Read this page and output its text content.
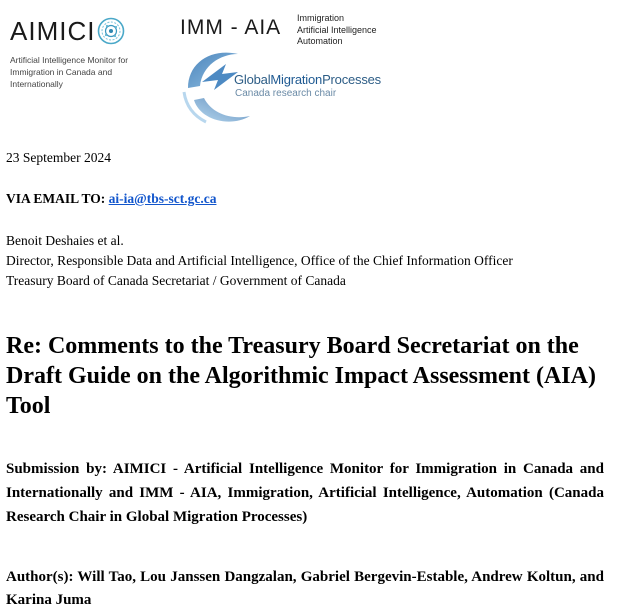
AIMICI
Artificial Intelligence Monitor for Immigration in Canada and Internationally
IMM - AIA Immigration
Artificial Intelligence
Automation
GlobalMigrationProcesses
Canada research chair
23 September 2024
VIA EMAIL TO: ai-ia@tbs-sct.gc.ca
Benoit Deshaies et al.
Director, Responsible Data and Artificial Intelligence, Office of the Chief Information Officer
Treasury Board of Canada Secretariat / Government of Canada
Re: Comments to the Treasury Board Secretariat on the Draft Guide on the Algorithmic Impact Assessment (AIA) Tool
Submission by: AIMICI - Artificial Intelligence Monitor for Immigration in Canada and Internationally and IMM - AIA, Immigration, Artificial Intelligence, Automation (Canada Research Chair in Global Migration Processes)
Author(s): Will Tao, Lou Janssen Dangzalan, Gabriel Bergevin-Estable, Andrew Koltun, and Karina Juma
